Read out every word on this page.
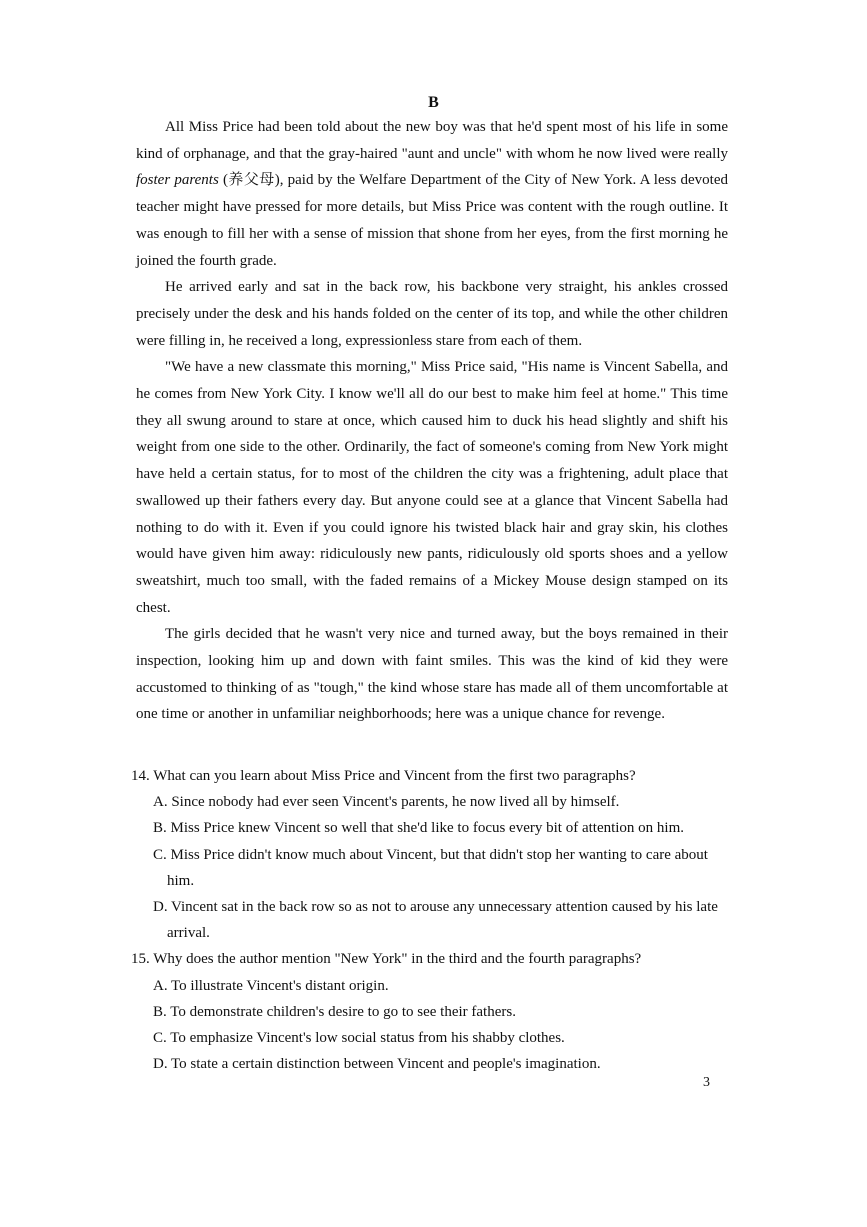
B

All Miss Price had been told about the new boy was that he'd spent most of his life in some kind of orphanage, and that the gray-haired "aunt and uncle" with whom he now lived were really foster parents (养父母), paid by the Welfare Department of the City of New York. A less devoted teacher might have pressed for more details, but Miss Price was content with the rough outline. It was enough to fill her with a sense of mission that shone from her eyes, from the first morning he joined the fourth grade.

He arrived early and sat in the back row, his backbone very straight, his ankles crossed precisely under the desk and his hands folded on the center of its top, and while the other children were filling in, he received a long, expressionless stare from each of them.

"We have a new classmate this morning," Miss Price said, "His name is Vincent Sabella, and he comes from New York City. I know we'll all do our best to make him feel at home." This time they all swung around to stare at once, which caused him to duck his head slightly and shift his weight from one side to the other. Ordinarily, the fact of someone's coming from New York might have held a certain status, for to most of the children the city was a frightening, adult place that swallowed up their fathers every day. But anyone could see at a glance that Vincent Sabella had nothing to do with it. Even if you could ignore his twisted black hair and gray skin, his clothes would have given him away: ridiculously new pants, ridiculously old sports shoes and a yellow sweatshirt, much too small, with the faded remains of a Mickey Mouse design stamped on its chest.

The girls decided that he wasn't very nice and turned away, but the boys remained in their inspection, looking him up and down with faint smiles. This was the kind of kid they were accustomed to thinking of as "tough," the kind whose stare has made all of them uncomfortable at one time or another in unfamiliar neighborhoods; here was a unique chance for revenge.

14. What can you learn about Miss Price and Vincent from the first two paragraphs?

A. Since nobody had ever seen Vincent's parents, he now lived all by himself.
B. Miss Price knew Vincent so well that she'd like to focus every bit of attention on him.
C. Miss Price didn't know much about Vincent, but that didn't stop her wanting to care about him.
D. Vincent sat in the back row so as not to arouse any unnecessary attention caused by his late arrival.

15. Why does the author mention "New York" in the third and the fourth paragraphs?

A. To illustrate Vincent's distant origin.
B. To demonstrate children's desire to go to see their fathers.
C. To emphasize Vincent's low social status from his shabby clothes.
D. To state a certain distinction between Vincent and people's imagination.
3
